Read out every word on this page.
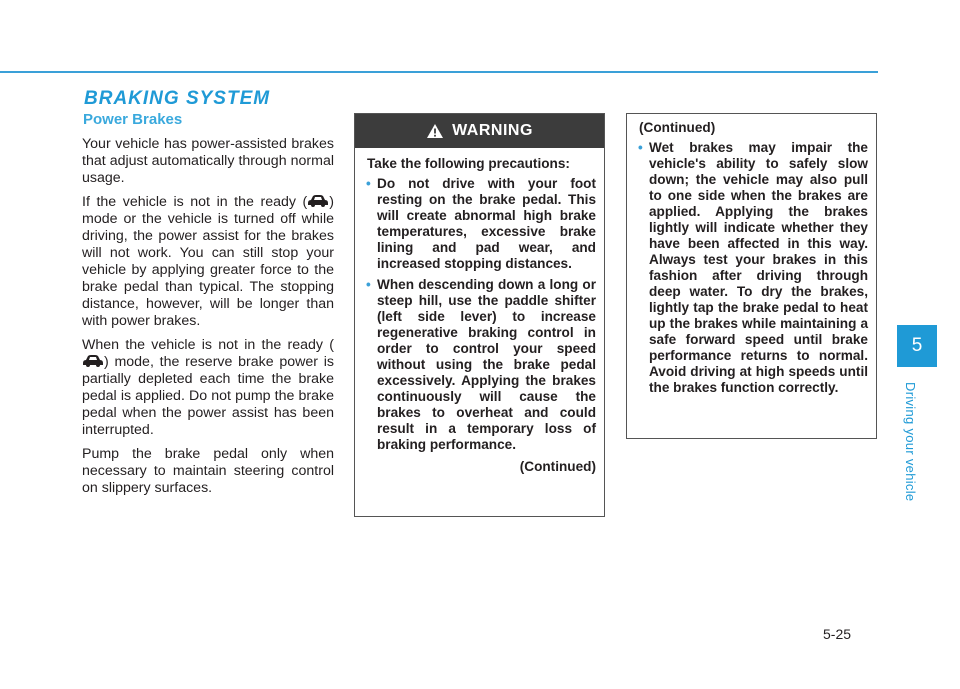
BRAKING SYSTEM
Power Brakes

Your vehicle has power-assisted brakes that adjust automatically through normal usage.

If the vehicle is not in the ready ( ) mode or the vehicle is turned off while driving, the power assist for the brakes will not work. You can still stop your vehicle by applying greater force to the brake pedal than typical. The stopping distance, however, will be longer than with power brakes.

When the vehicle is not in the ready () mode, the reserve brake power is partially depleted each time the brake pedal is applied. Do not pump the brake pedal when the power assist has been interrupted.

Pump the brake pedal only when necessary to maintain steering control on slippery surfaces.

WARNING

Take the following precautions:

• Do not drive with your foot resting on the brake pedal. This will create abnormal high brake temperatures, excessive brake lining and pad wear, and increased stopping distances.
• When descending down a long or steep hill, use the paddle shifter (left side lever) to increase regenerative braking control in order to control your speed without using the brake pedal excessively. Applying the brakes continuously will cause the brakes to overheat and could result in a temporary loss of braking performance.

(Continued)

(Continued)

• Wet brakes may impair the vehicle's ability to safely slow down; the vehicle may also pull to one side when the brakes are applied. Applying the brakes lightly will indicate whether they have been affected in this way. Always test your brakes in this fashion after driving through deep water. To dry the brakes, lightly tap the brake pedal to heat up the brakes while maintaining a safe forward speed until brake performance returns to normal. Avoid driving at high speeds until the brakes function correctly.
5
Driving your vehicle
5-25
